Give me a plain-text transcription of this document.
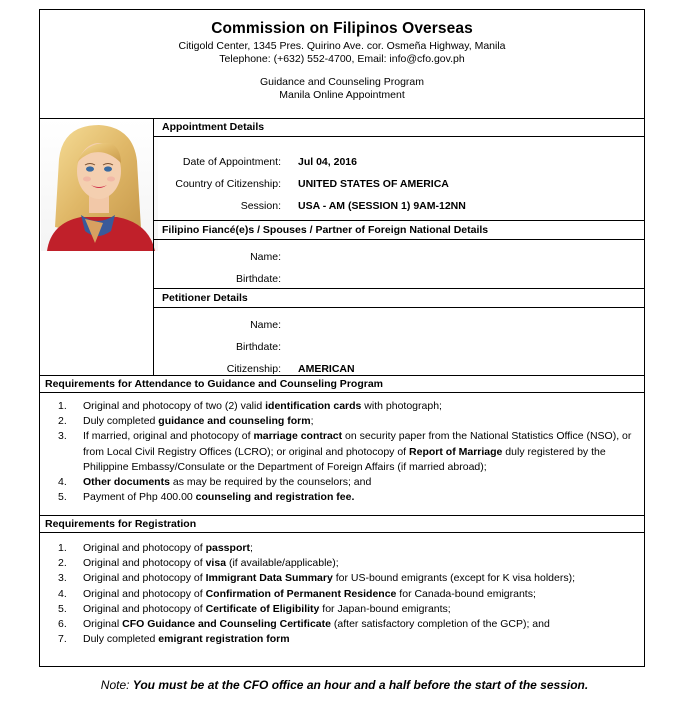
Commission on Filipinos Overseas
Citigold Center, 1345 Pres. Quirino Ave. cor. Osmeña Highway, Manila
Telephone: (+632) 552-4700, Email: info@cfo.gov.ph
Guidance and Counseling Program
Manila Online Appointment
Appointment Details
Date of Appointment: Jul 04, 2016
Country of Citizenship: UNITED STATES OF AMERICA
Session: USA - AM (SESSION 1) 9AM-12NN
Filipino Fiancé(e)s / Spouses / Partner of Foreign National Details
Name:
Birthdate:
Petitioner Details
Name:
Birthdate:
Citizenship: AMERICAN
Requirements for Attendance to Guidance and Counseling Program
1. Original and photocopy of two (2) valid identification cards with photograph;
2. Duly completed guidance and counseling form;
3. If married, original and photocopy of marriage contract on security paper from the National Statistics Office (NSO), or from Local Civil Registry Offices (LCRO); or original and photocopy of Report of Marriage duly registered by the Philippine Embassy/Consulate or the Department of Foreign Affairs (if married abroad);
4. Other documents as may be required by the counselors; and
5. Payment of Php 400.00 counseling and registration fee.
Requirements for Registration
1. Original and photocopy of passport;
2. Original and photocopy of visa (if available/applicable);
3. Original and photocopy of Immigrant Data Summary for US-bound emigrants (except for K visa holders);
4. Original and photocopy of Confirmation of Permanent Residence for Canada-bound emigrants;
5. Original and photocopy of Certificate of Eligibility for Japan-bound emigrants;
6. Original CFO Guidance and Counseling Certificate (after satisfactory completion of the GCP); and
7. Duly completed emigrant registration form
Note: You must be at the CFO office an hour and a half before the start of the session.
